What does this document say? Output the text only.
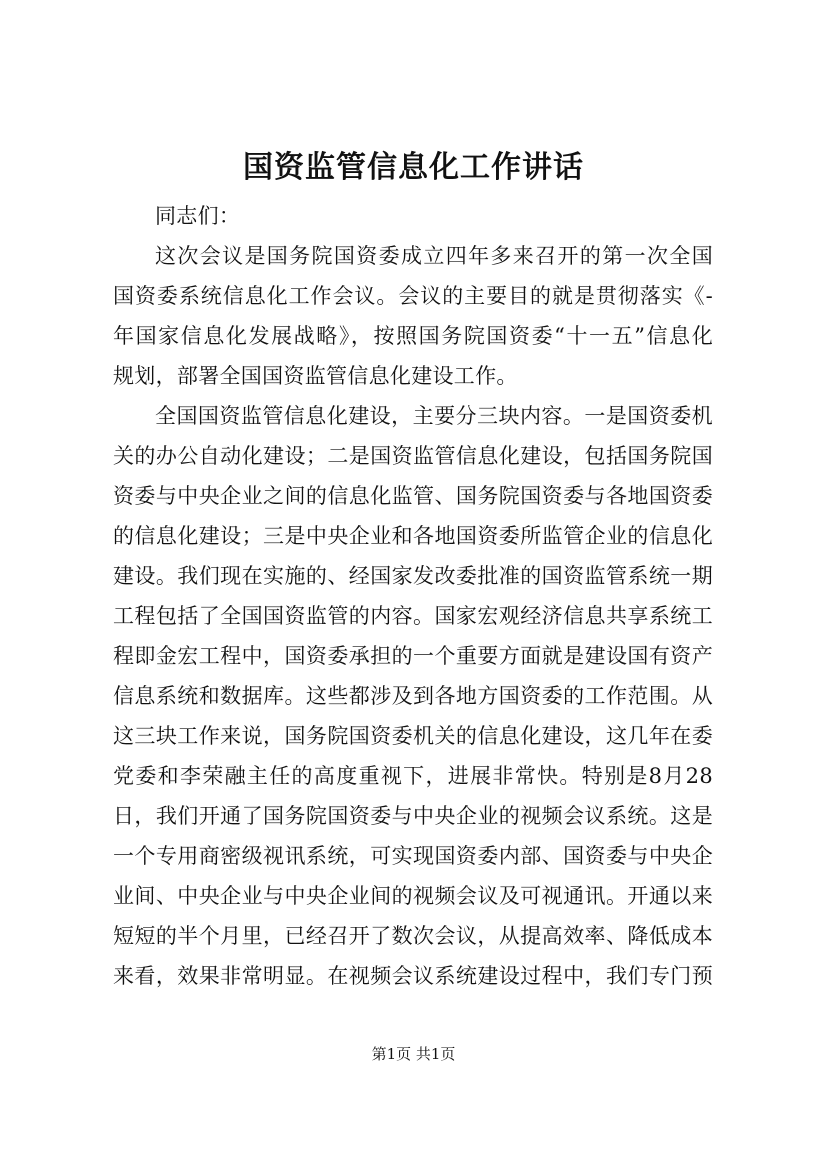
国资监管信息化工作讲话
同志们：
这次会议是国务院国资委成立四年多来召开的第一次全国
国资委系统信息化工作会议。会议的主要目的就是贯彻落实《-
年国家信息化发展战略》，按照国务院国资委“十一五”信息化
规划，部署全国国资监管信息化建设工作。
全国国资监管信息化建设，主要分三块内容。一是国资委机
关的办公自动化建设；二是国资监管信息化建设，包括国务院国
资委与中央企业之间的信息化监管、国务院国资委与各地国资委
的信息化建设；三是中央企业和各地国资委所监管企业的信息化
建设。我们现在实施的、经国家发改委批准的国资监管系统一期
工程包括了全国国资监管的内容。国家宏观经济信息共享系统工
程即金宏工程中，国资委承担的一个重要方面就是建设国有资产
信息系统和数据库。这些都涉及到各地方国资委的工作范围。从
这三块工作来说，国务院国资委机关的信息化建设，这几年在委
党委和李荣融主任的高度重视下，进展非常快。特别是8月28
日，我们开通了国务院国资委与中央企业的视频会议系统。这是
一个专用商密级视讯系统，可实现国资委内部、国资委与中央企
业间、中央企业与中央企业间的视频会议及可视通讯。开通以来
短短的半个月里，已经召开了数次会议，从提高效率、降低成本
来看，效果非常明显。在视频会议系统建设过程中，我们专门预
第1页 共1页
